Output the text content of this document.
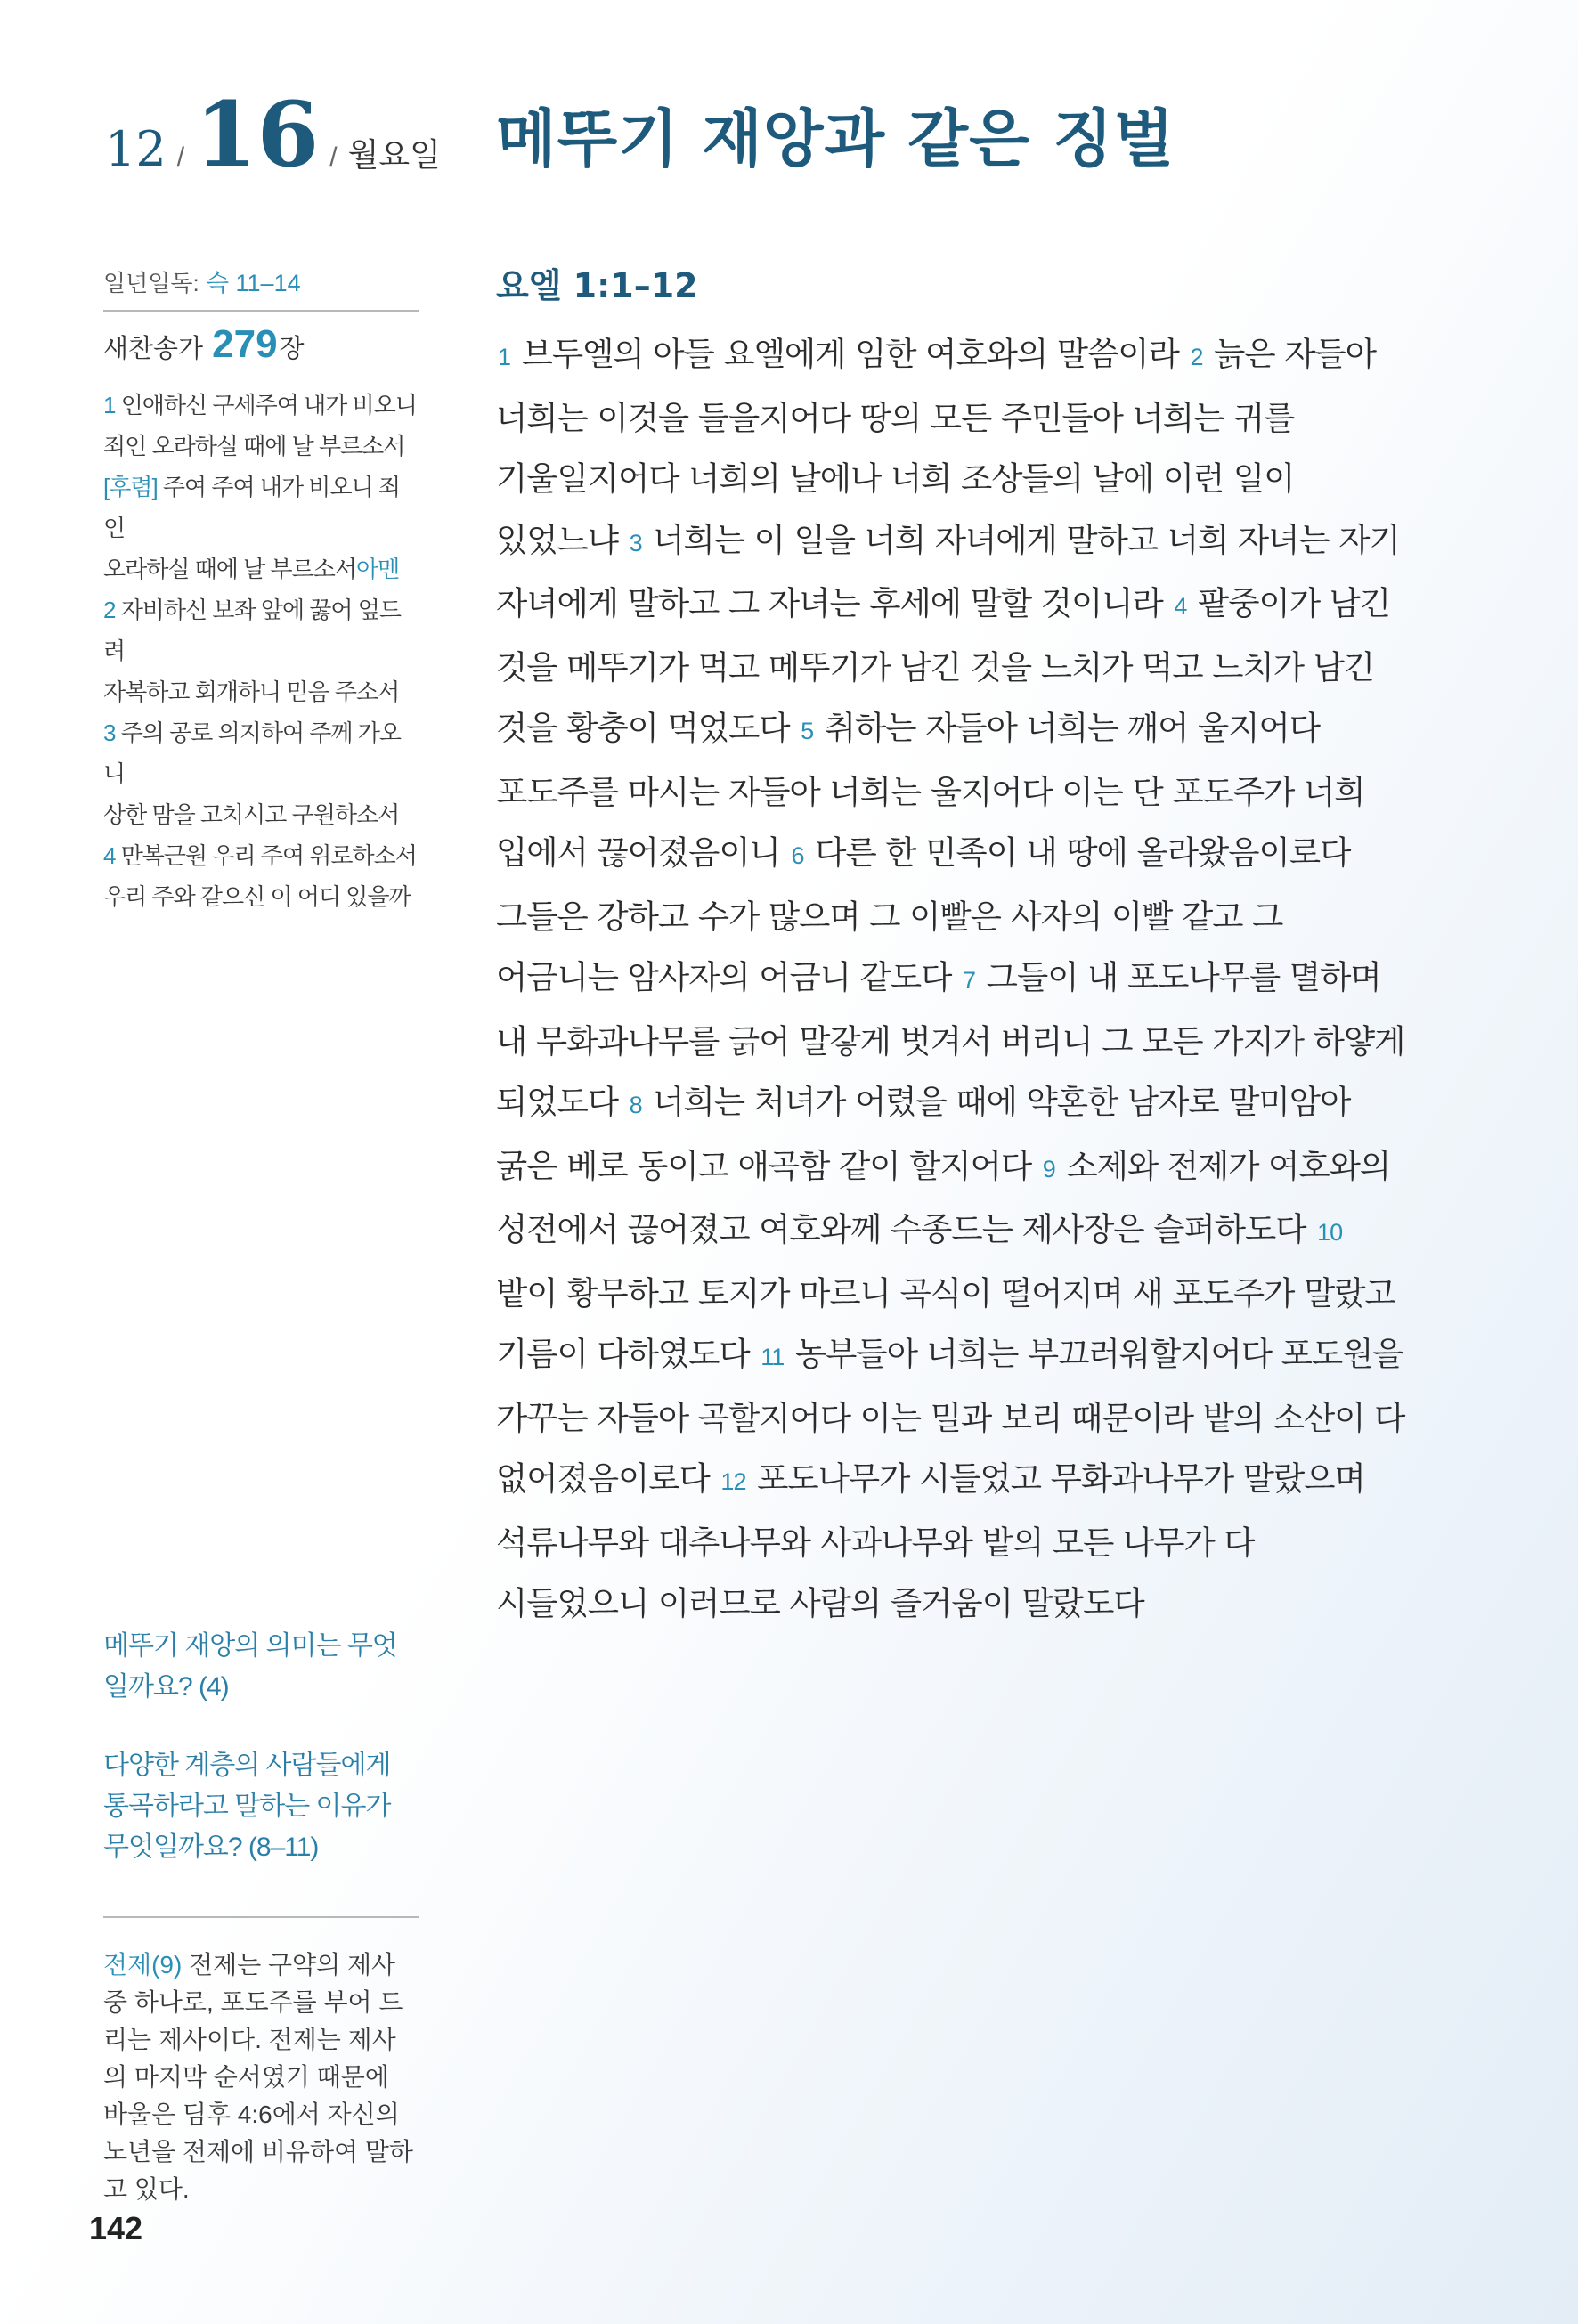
12 / 16 / 월요일 메뚜기 재앙과 같은 징벌
일년일독: 슥 11–14
새찬송가 279장
1 인애하신 구세주여 내가 비오니
죄인 오라하실 때에 날 부르소서
[후렴] 주여 주여 내가 비오니 죄인
오라하실 때에 날 부르소서아멘
2 자비하신 보좌 앞에 꿇어 엎드려
자복하고 회개하니 믿음 주소서
3 주의 공로 의지하여 주께 가오니
상한 맘을 고치시고 구원하소서
4 만복근원 우리 주여 위로하소서
우리 주와 같으신 이 어디 있을까

메뚜기 재앙의 의미는 무엇일까요? (4)

다양한 계층의 사람들에게 통곡하라고 말하는 이유가 무엇일까요? (8–11)

전제(9) 전제는 구약의 제사 중 하나로, 포도주를 부어 드리는 제사이다. 전제는 제사의 마지막 순서였기 때문에 바울은 딤후 4:6에서 자신의 노년을 전제에 비유하여 말하고 있다.
142
요엘 1:1–12
1 브두엘의 아들 요엘에게 임한 여호와의 말씀이라 2 늙은 자들아 너희는 이것을 들을지어다 땅의 모든 주민들아 너희는 귀를 기울일지어다 너희의 날에나 너희 조상들의 날에 이런 일이 있었느냐 3 너희는 이 일을 너희 자녀에게 말하고 너희 자녀는 자기 자녀에게 말하고 그 자녀는 후세에 말할 것이니라 4 팥중이가 남긴 것을 메뚜기가 먹고 메뚜기가 남긴 것을 느치가 먹고 느치가 남긴 것을 황충이 먹었도다 5 취하는 자들아 너희는 깨어 울지어다 포도주를 마시는 자들아 너희는 울지어다 이는 단 포도주가 너희 입에서 끊어졌음이니 6 다른 한 민족이 내 땅에 올라왔음이로다 그들은 강하고 수가 많으며 그 이빨은 사자의 이빨 같고 그 어금니는 암사자의 어금니 같도다 7 그들이 내 포도나무를 멸하며 내 무화과나무를 긁어 말갛게 벗겨서 버리니 그 모든 가지가 하얗게 되었도다 8 너희는 처녀가 어렸을 때에 약혼한 남자로 말미암아 굵은 베로 동이고 애곡함 같이 할지어다 9 소제와 전제가 여호와의 성전에서 끊어졌고 여호와께 수종드는 제사장은 슬퍼하도다 10 밭이 황무하고 토지가 마르니 곡식이 떨어지며 새 포도주가 말랐고 기름이 다하였도다 11 농부들아 너희는 부끄러워할지어다 포도원을 가꾸는 자들아 곡할지어다 이는 밀과 보리 때문이라 밭의 소산이 다 없어졌음이로다 12 포도나무가 시들었고 무화과나무가 말랐으며 석류나무와 대추나무와 사과나무와 밭의 모든 나무가 다 시들었으니 이러므로 사람의 즐거움이 말랐도다
